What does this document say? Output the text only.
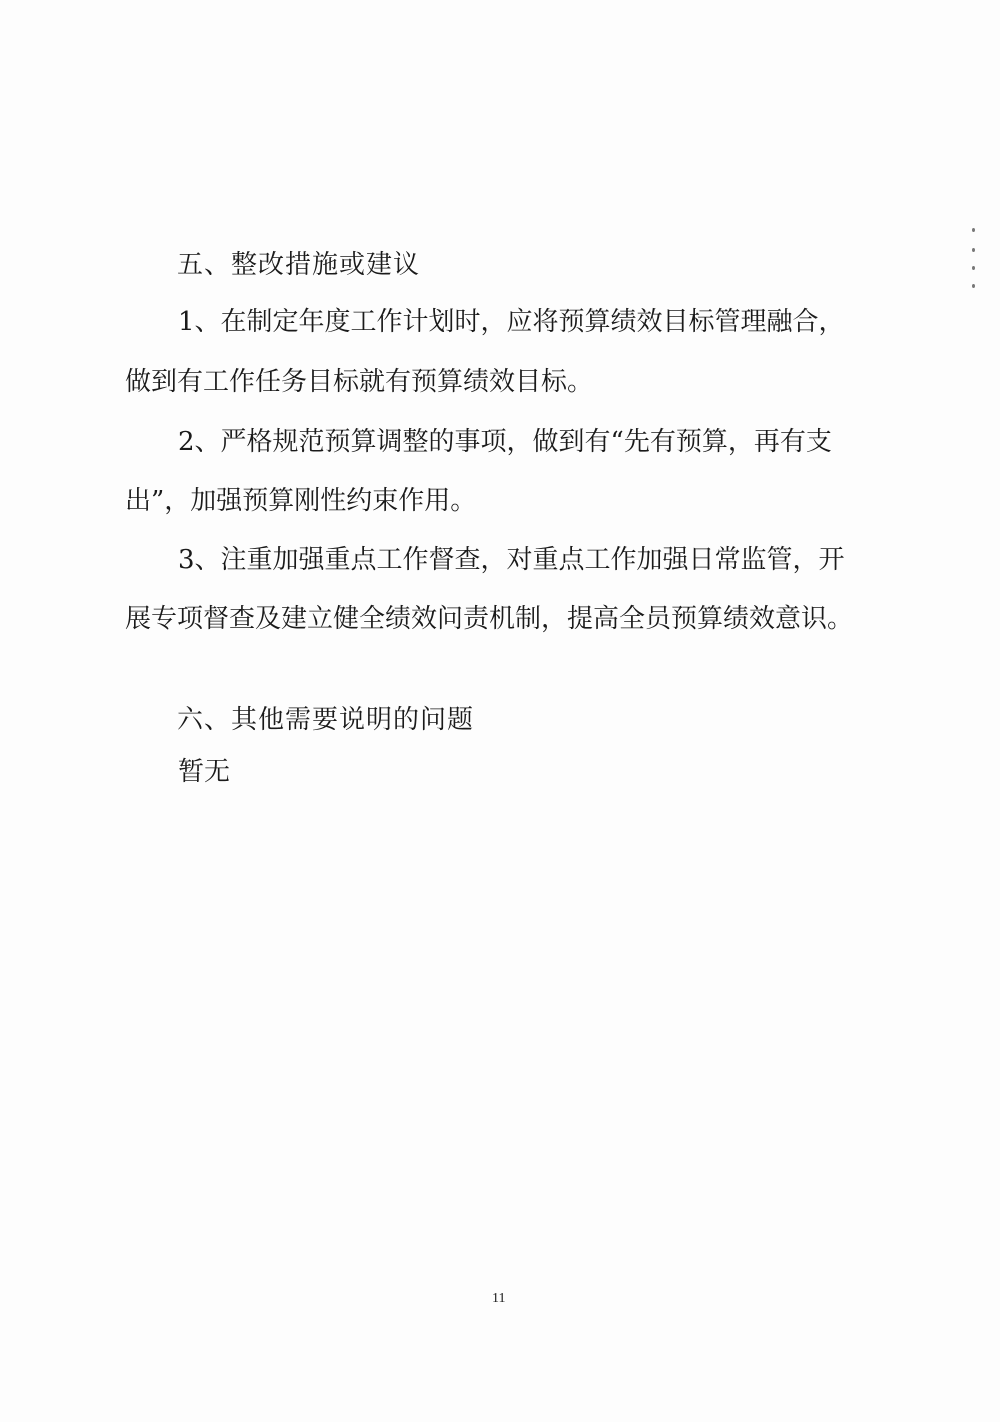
五、整改措施或建议
1、在制定年度工作计划时，应将预算绩效目标管理融合，
做到有工作任务目标就有预算绩效目标。
2、严格规范预算调整的事项，做到有“先有预算，再有支
出”，加强预算刚性约束作用。
3、注重加强重点工作督查，对重点工作加强日常监管，开
展专项督查及建立健全绩效问责机制，提高全员预算绩效意识。
六、其他需要说明的问题
暂无
11
